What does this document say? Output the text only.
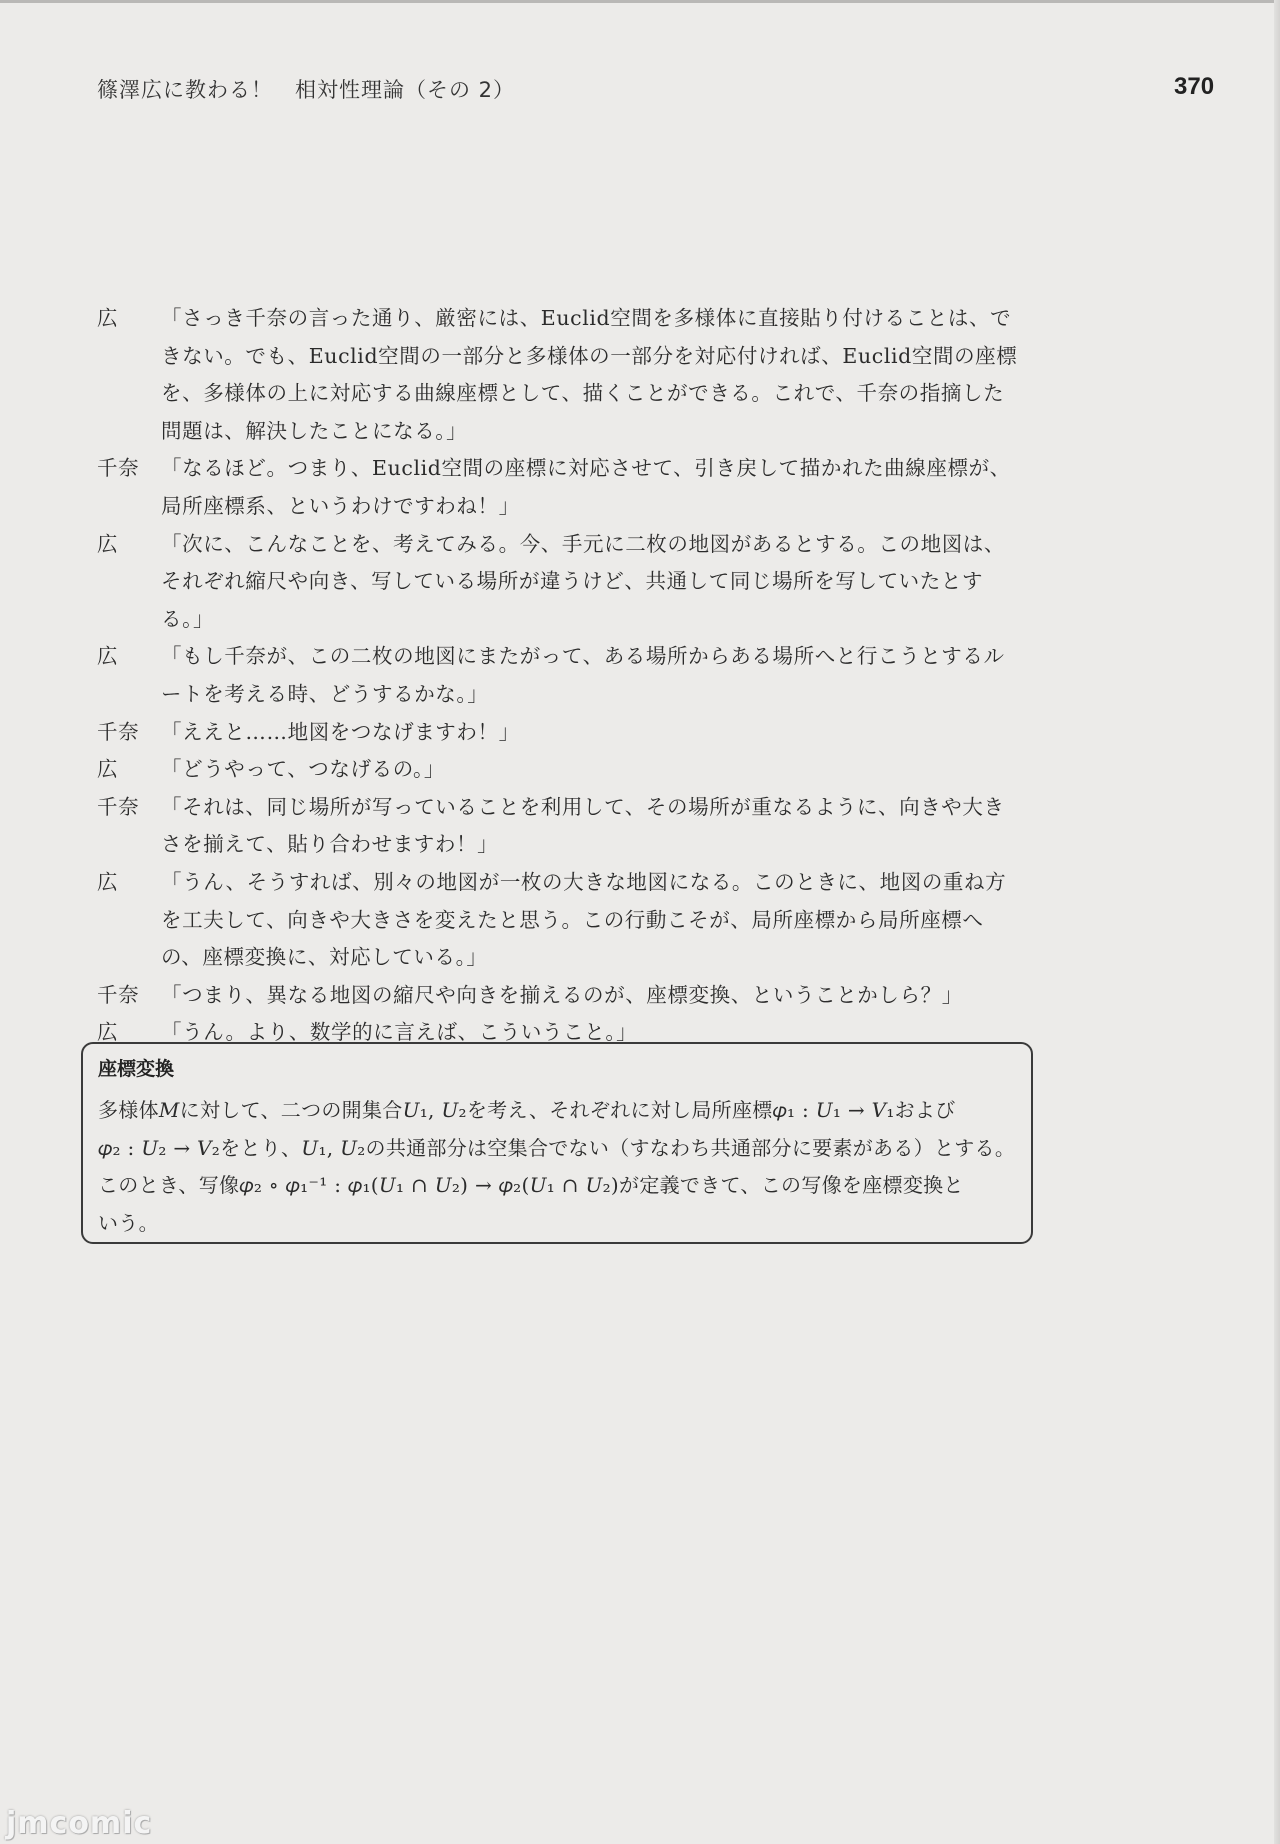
篠澤広に教わる！　相対性理論（その 2）	370
広 「さっき千奈の言った通り、厳密には、Euclid空間を多様体に直接貼り付けることは、できない。でも、Euclid空間の一部分と多様体の一部分を対応付ければ、Euclid空間の座標を、多様体の上に対応する曲線座標として、描くことができる。これで、千奈の指摘した問題は、解決したことになる。」
千奈 「なるほど。つまり、Euclid空間の座標に対応させて、引き戻して描かれた曲線座標が、局所座標系、というわけですわね！」
広 「次に、こんなことを、考えてみる。今、手元に二枚の地図があるとする。この地図は、それぞれ縮尺や向き、写している場所が違うけど、共通して同じ場所を写していたとする。」
広 「もし千奈が、この二枚の地図にまたがって、ある場所からある場所へと行こうとするルートを考える時、どうするかな。」
千奈 「ええと……地図をつなげますわ！」
広 「どうやって、つなげるの。」
千奈 「それは、同じ場所が写っていることを利用して、その場所が重なるように、向きや大きさを揃えて、貼り合わせますわ！」
広 「うん、そうすれば、別々の地図が一枚の大きな地図になる。このときに、地図の重ね方を工夫して、向きや大きさを変えたと思う。この行動こそが、局所座標から局所座標への、座標変換に、対応している。」
千奈 「つまり、異なる地図の縮尺や向きを揃えるのが、座標変換、ということかしら？」
広 「うん。より、数学的に言えば、こういうこと。」
座標変換
多様体𝑀に対して、二つの開集合𝑈₁, 𝑈₂を考え、それぞれに対し局所座標𝜑₁ : 𝑈₁ → 𝑉₁および
𝜑₂ : 𝑈₂ → 𝑉₂をとり、𝑈₁, 𝑈₂の共通部分は空集合でない（すなわち共通部分に要素がある）とする。
このとき、写像𝜑₂ ∘ 𝜑₁⁻¹ : 𝜑₁(𝑈₁ ∩ 𝑈₂) → 𝜑₂(𝑈₁ ∩ 𝑈₂)が定義できて、この写像を座標変換と
いう。
jmcomic
